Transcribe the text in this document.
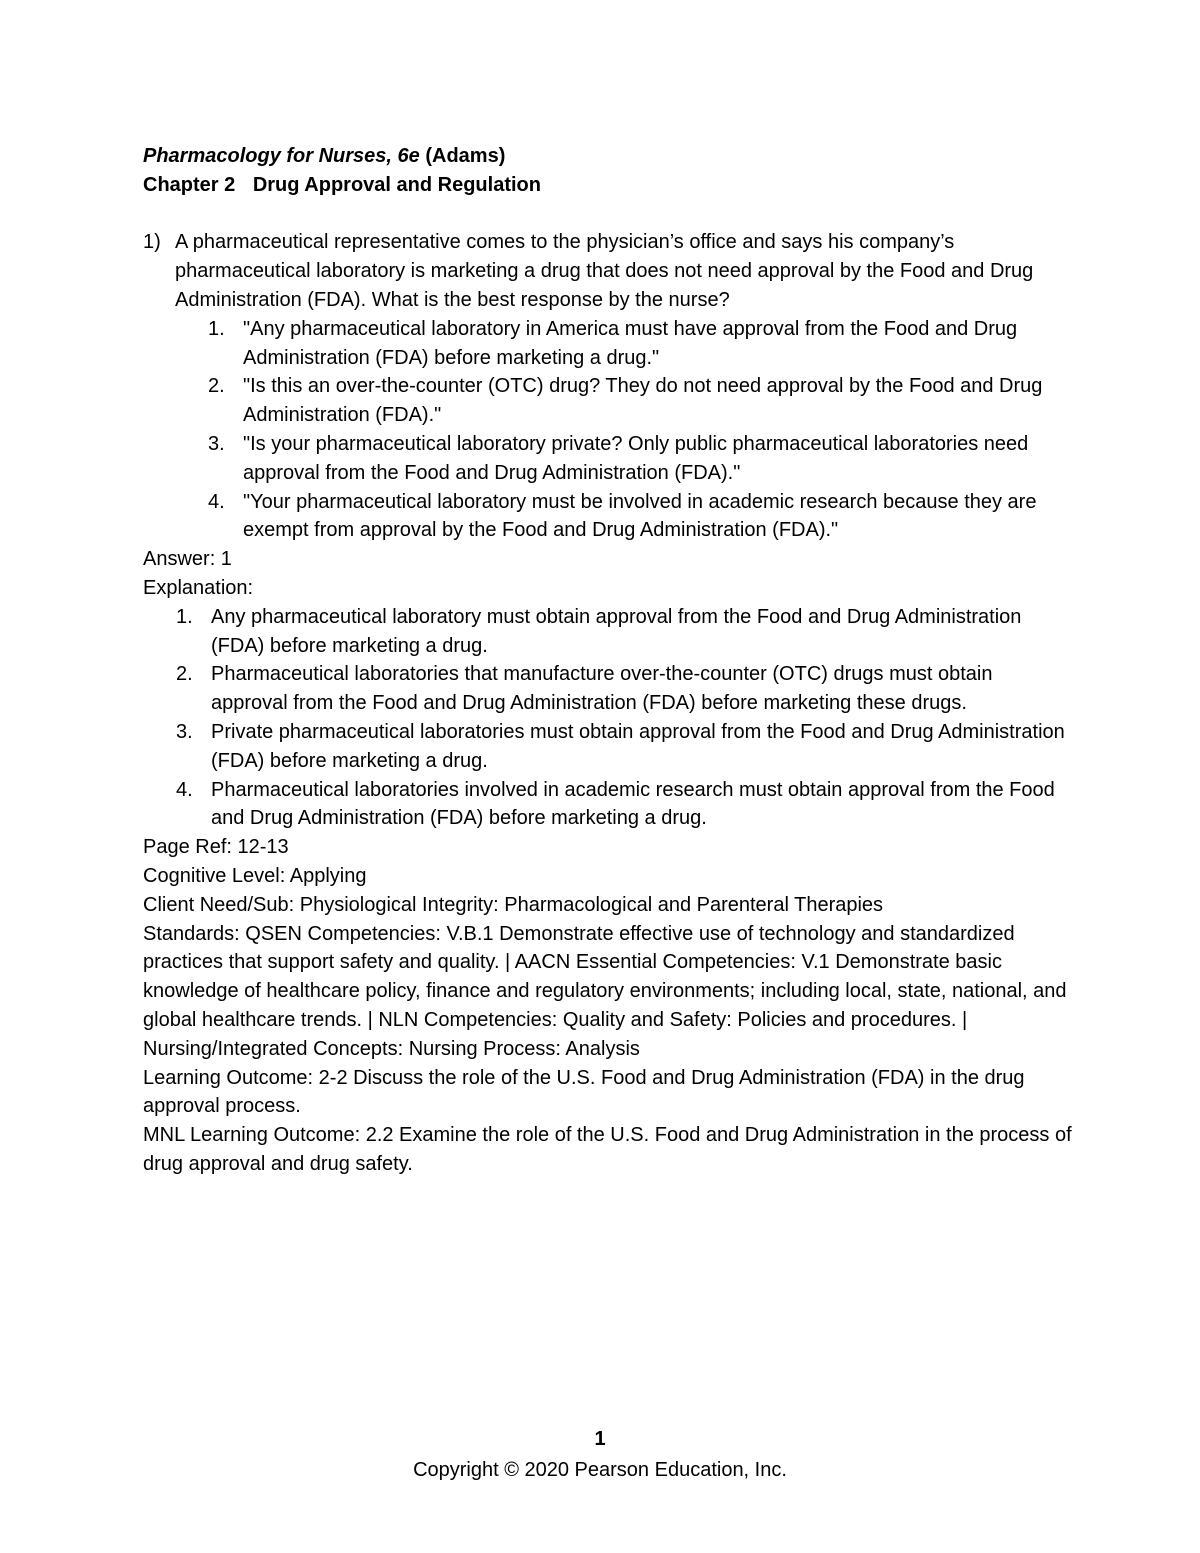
Pharmacology for Nurses, 6e (Adams)

Chapter 2 Drug Approval and Regulation

1) A pharmaceutical representative comes to the physician’s office and says his company’s pharmaceutical laboratory is marketing a drug that does not need approval by the Food and Drug Administration (FDA). What is the best response by the nurse?

1. "Any pharmaceutical laboratory in America must have approval from the Food and Drug Administration (FDA) before marketing a drug."
2. "Is this an over-the-counter (OTC) drug? They do not need approval by the Food and Drug Administration (FDA)."
3. "Is your pharmaceutical laboratory private? Only public pharmaceutical laboratories need approval from the Food and Drug Administration (FDA)."
4. "Your pharmaceutical laboratory must be involved in academic research because they are exempt from approval by the Food and Drug Administration (FDA)."

Answer: 1

Explanation:

1. Any pharmaceutical laboratory must obtain approval from the Food and Drug Administration (FDA) before marketing a drug.
2. Pharmaceutical laboratories that manufacture over-the-counter (OTC) drugs must obtain approval from the Food and Drug Administration (FDA) before marketing these drugs.
3. Private pharmaceutical laboratories must obtain approval from the Food and Drug Administration (FDA) before marketing a drug.
4. Pharmaceutical laboratories involved in academic research must obtain approval from the Food and Drug Administration (FDA) before marketing a drug.

Page Ref: 12-13

Cognitive Level: Applying

Client Need/Sub: Physiological Integrity: Pharmacological and Parenteral Therapies

Standards: QSEN Competencies: V.B.1 Demonstrate effective use of technology and standardized practices that support safety and quality. | AACN Essential Competencies: V.1 Demonstrate basic knowledge of healthcare policy, finance and regulatory environments; including local, state, national, and global healthcare trends. | NLN Competencies: Quality and Safety: Policies and procedures. | Nursing/Integrated Concepts: Nursing Process: Analysis

Learning Outcome: 2-2 Discuss the role of the U.S. Food and Drug Administration (FDA) in the drug approval process.

MNL Learning Outcome: 2.2 Examine the role of the U.S. Food and Drug Administration in the process of drug approval and drug safety.

1
Copyright © 2020 Pearson Education, Inc.
